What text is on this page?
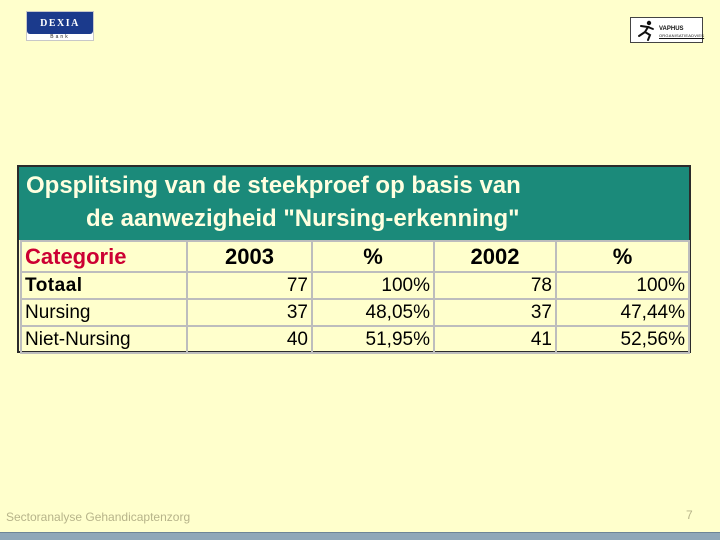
DEXIA
Bank
VAPHUS
ORGANISATIEADVIES
Opsplitsing van de steekproef op basis van
de aanwezigheid "Nursing-erkenning"
Categorie	2003	%	2002	%
Totaal	77	100%	78	100%
Nursing	37	48,05%	37	47,44%
Niet-Nursing	40	51,95%	41	52,56%
Sectoranalyse Gehandicaptenzorg	7
